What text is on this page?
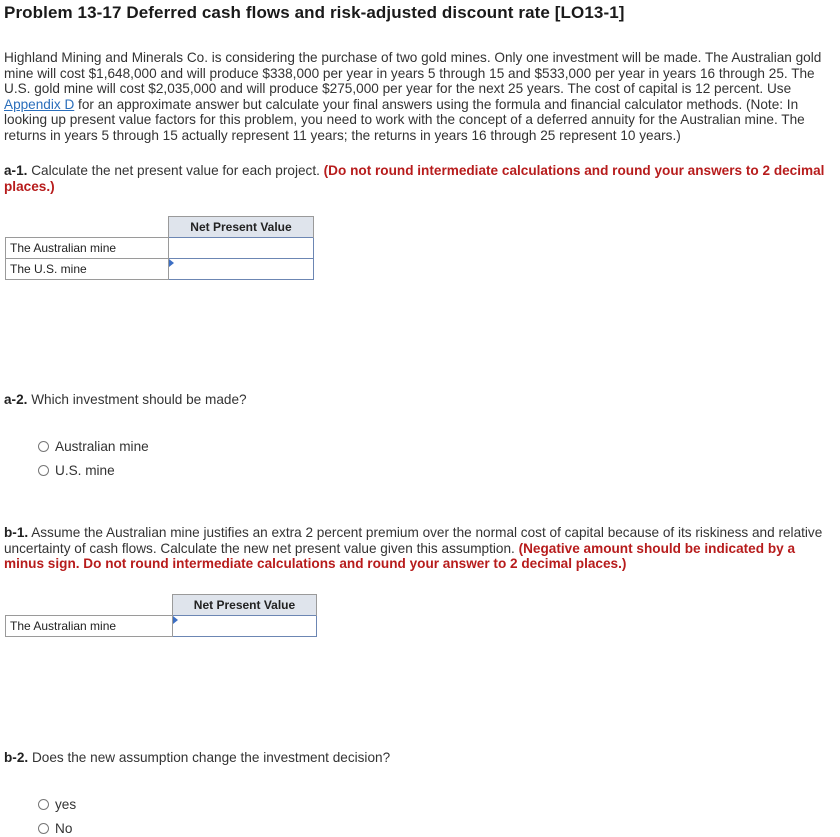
Problem 13-17 Deferred cash flows and risk-adjusted discount rate [LO13-1]

Highland Mining and Minerals Co. is considering the purchase of two gold mines. Only one investment will be made. The Australian gold mine will cost $1,648,000 and will produce $338,000 per year in years 5 through 15 and $533,000 per year in years 16 through 25. The U.S. gold mine will cost $2,035,000 and will produce $275,000 per year for the next 25 years. The cost of capital is 12 percent. Use Appendix D for an approximate answer but calculate your final answers using the formula and financial calculator methods. (Note: In looking up present value factors for this problem, you need to work with the concept of a deferred annuity for the Australian mine. The returns in years 5 through 15 actually represent 11 years; the returns in years 16 through 25 represent 10 years.)

a-1. Calculate the net present value for each project. (Do not round intermediate calculations and round your answers to 2 decimal places.)

	Net Present Value
The Australian mine	
The U.S. mine	

a-2. Which investment should be made?

Australian mine
U.S. mine

b-1. Assume the Australian mine justifies an extra 2 percent premium over the normal cost of capital because of its riskiness and relative uncertainty of cash flows. Calculate the new net present value given this assumption. (Negative amount should be indicated by a minus sign. Do not round intermediate calculations and round your answer to 2 decimal places.)

	Net Present Value
The Australian mine	

b-2. Does the new assumption change the investment decision?

yes
No
